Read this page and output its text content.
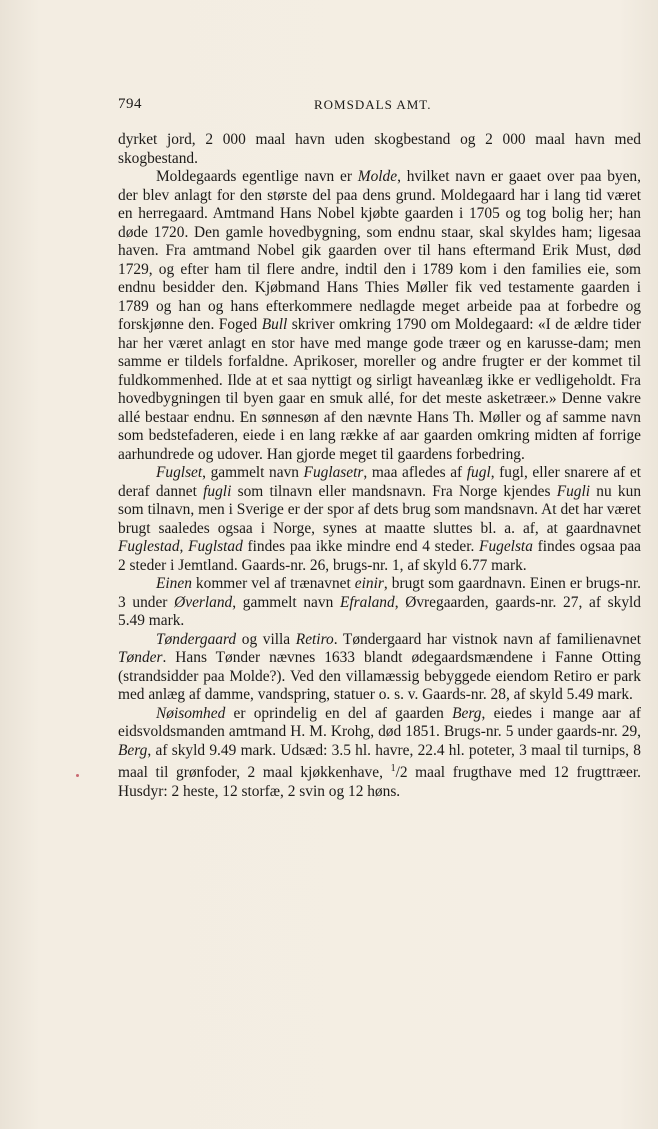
794	ROMSDALS AMT.

dyrket jord, 2 000 maal havn uden skogbestand og 2 000 maal havn med skogbestand.

Moldegaards egentlige navn er Molde, hvilket navn er gaaet over paa byen, der blev anlagt for den største del paa dens grund. Moldegaard har i lang tid været en herregaard. Amtmand Hans Nobel kjøbte gaarden i 1705 og tog bolig her; han døde 1720. Den gamle hovedbygning, som endnu staar, skal skyldes ham; ligesaa haven. Fra amtmand Nobel gik gaarden over til hans eftermand Erik Must, død 1729, og efter ham til flere andre, indtil den i 1789 kom i den families eie, som endnu besidder den. Kjøbmand Hans Thies Møller fik ved testamente gaarden i 1789 og han og hans efterkommere nedlagde meget arbeide paa at forbedre og forskjønne den. Foged Bull skriver omkring 1790 om Moldegaard: «I de ældre tider har her været anlagt en stor have med mange gode træer og en karusse-dam; men samme er tildels forfaldne. Aprikoser, moreller og andre frugter er der kommet til fuldkommenhed. Ilde at et saa nyttigt og sirligt haveanlæg ikke er vedligeholdt. Fra hovedbygningen til byen gaar en smuk allé, for det meste asketræer.» Denne vakre allé bestaar endnu. En sønnesøn af den nævnte Hans Th. Møller og af samme navn som bedstefaderen, eiede i en lang række af aar gaarden omkring midten af forrige aarhundrede og udover. Han gjorde meget til gaardens forbedring.

Fuglset, gammelt navn Fuglasetr, maa afledes af fugl, fugl, eller snarere af et deraf dannet fugli som tilnavn eller mandsnavn. Fra Norge kjendes Fugli nu kun som tilnavn, men i Sverige er der spor af dets brug som mandsnavn. At det har været brugt saaledes ogsaa i Norge, synes at maatte sluttes bl. a. af, at gaardnavnet Fuglestad, Fuglstad findes paa ikke mindre end 4 steder. Fugelsta findes ogsaa paa 2 steder i Jemtland. Gaards-nr. 26, brugs-nr. 1, af skyld 6.77 mark.

Einen kommer vel af trænavnet einir, brugt som gaardnavn. Einen er brugs-nr. 3 under Øverland, gammelt navn Efraland, Øvregaarden, gaards-nr. 27, af skyld 5.49 mark.

Tøndergaard og villa Retiro. Tøndergaard har vistnok navn af familienavnet Tønder. Hans Tønder nævnes 1633 blandt ødegaardsmændene i Fanne Otting (strandsidder paa Molde?). Ved den villamæssig bebyggede eiendom Retiro er park med anlæg af damme, vandspring, statuer o. s. v. Gaards-nr. 28, af skyld 5.49 mark.

Nøisomhed er oprindelig en del af gaarden Berg, eiedes i mange aar af eidsvoldsmanden amtmand H. M. Krohg, død 1851. Brugs-nr. 5 under gaards-nr. 29, Berg, af skyld 9.49 mark. Udsæd: 3.5 hl. havre, 22.4 hl. poteter, 3 maal til turnips, 8 maal til grønfoder, 2 maal kjøkkenhave, $^1$/2 maal frugthave med 12 frugttræer. Husdyr: 2 heste, 12 storfæ, 2 svin og 12 høns.
